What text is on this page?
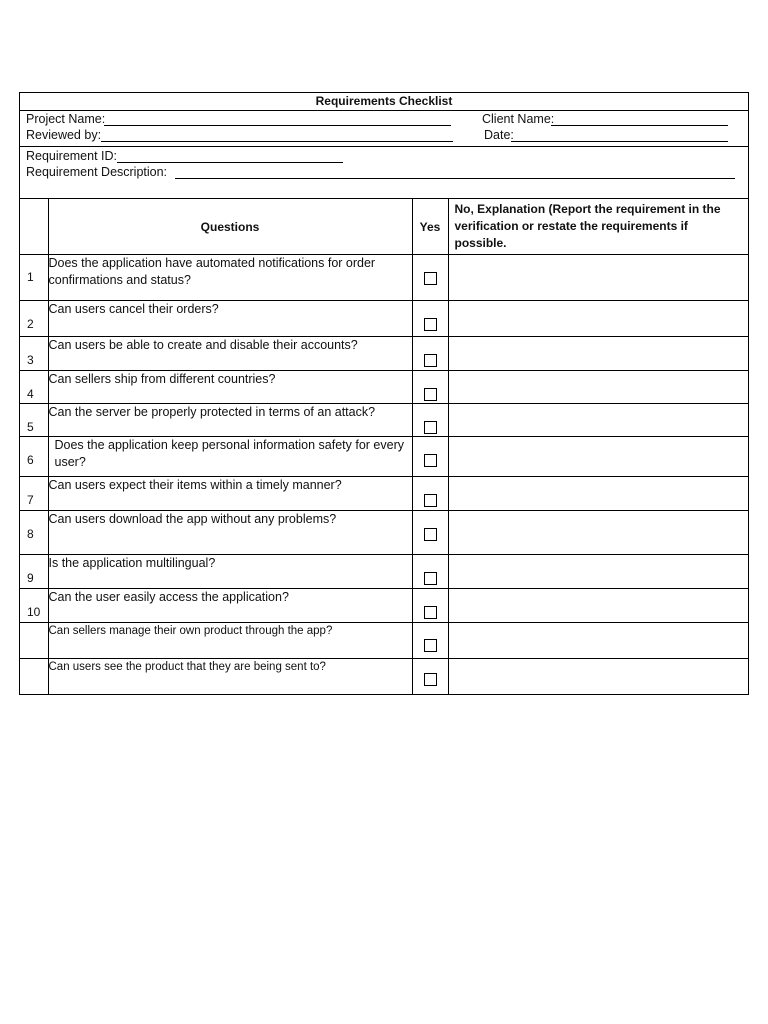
Requirements Checklist
Project Name:
Reviewed by:
Client Name:
Date:
Requirement ID:
Requirement Description:
	Questions	Yes	No, Explanation (Report the requirement in the verification or restate the requirements if possible.

1	Does the application have automated notifications for order confirmations and status?	

2	Can users cancel their orders?	

3	Can users be able to create and disable their accounts?	

4	Can sellers ship from different countries?	

5	Can the server be properly protected in terms of an attack?	

6	Does the application keep personal information safety for every user?		

7	Can users expect their items within a timely manner?	

8	Can users download the app without any problems?	

9	Is the application multilingual?	

10	Can the user easily access the application?	

	Can sellers manage their own product through the app?	

	Can users see the product that they are being sent to?	
